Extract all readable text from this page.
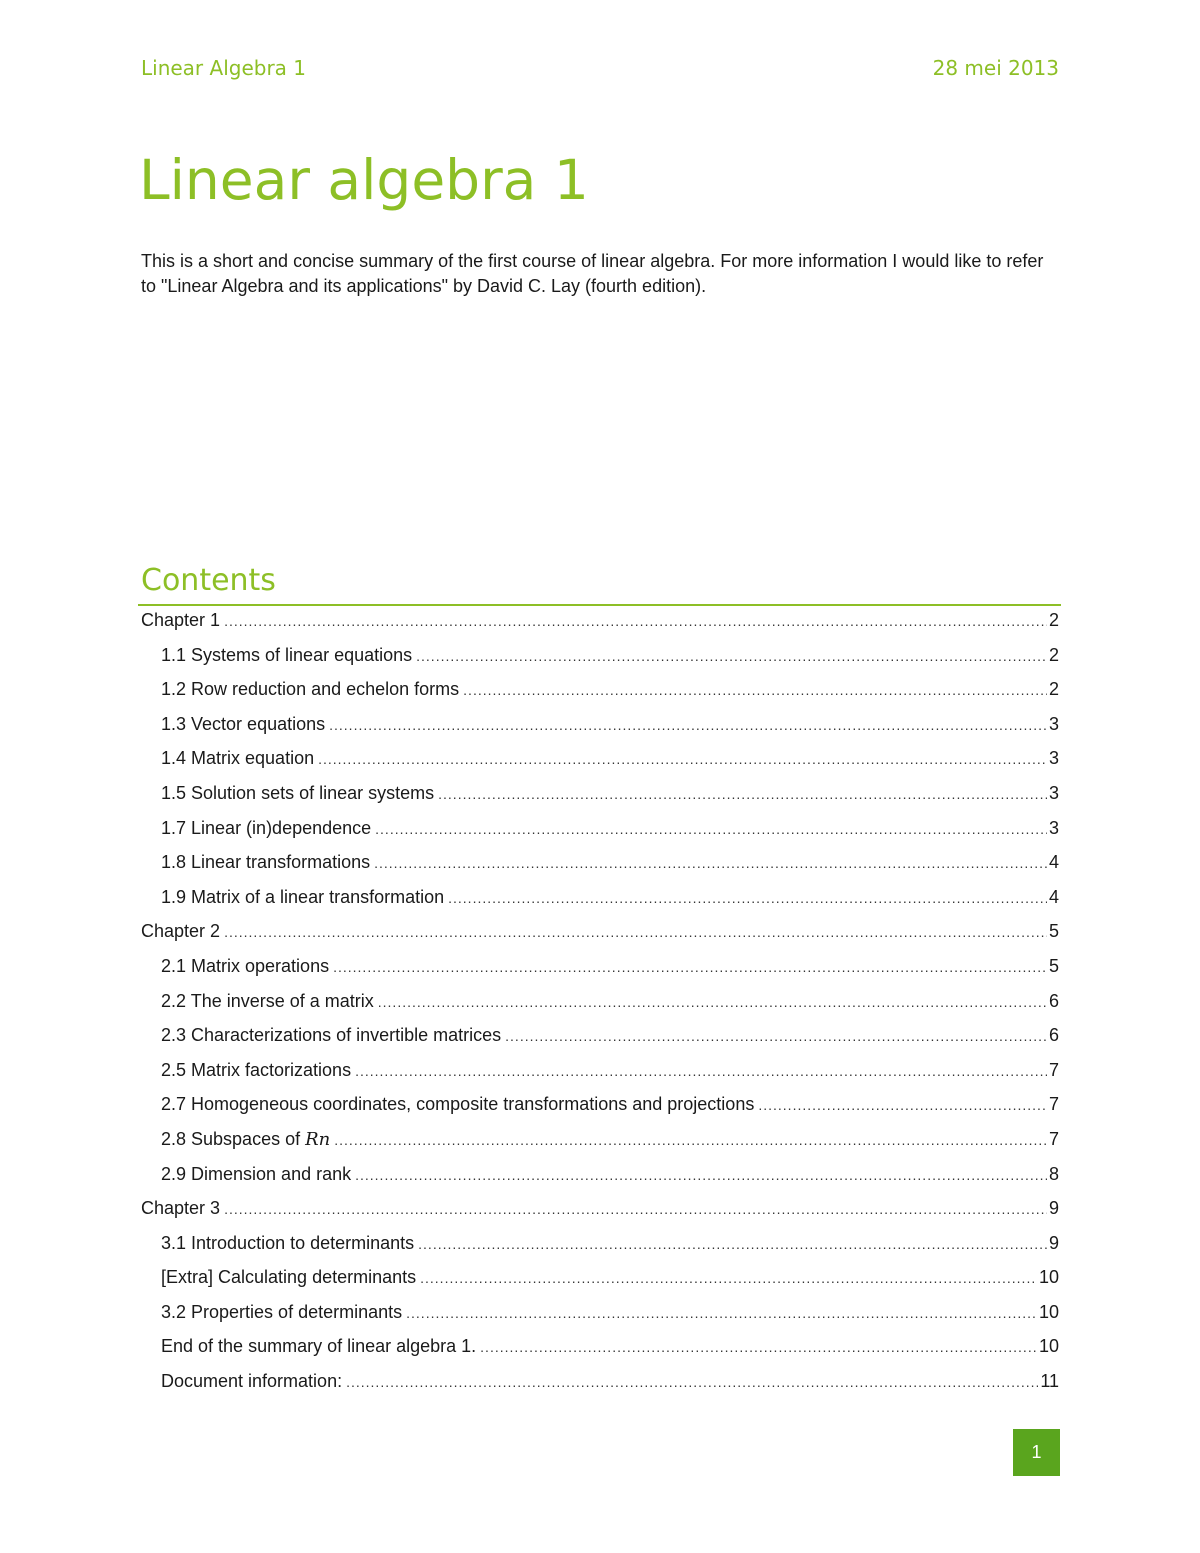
Linear Algebra 1	28 mei 2013
Linear algebra 1

This is a short and concise summary of the first course of linear algebra. For more information I would like to refer to "Linear Algebra and its applications" by David C. Lay (fourth edition).

Contents
Chapter 1 .....	2
1.1 Systems of linear equations .....	2
1.2 Row reduction and echelon forms .....	2
1.3 Vector equations .....	3
1.4 Matrix equation .....	3
1.5 Solution sets of linear systems .....	3
1.7 Linear (in)dependence .....	3
1.8 Linear transformations .....	4
1.9 Matrix of a linear transformation .....	4
Chapter 2 .....	5
2.1 Matrix operations .....	5
2.2 The inverse of a matrix .....	6
2.3 Characterizations of invertible matrices .....	6
2.5 Matrix factorizations .....	7
2.7 Homogeneous coordinates, composite transformations and projections .....	7
2.8 Subspaces of Rn .....	7
2.9 Dimension and rank .....	8
Chapter 3 .....	9
3.1 Introduction to determinants .....	9
[Extra] Calculating determinants .....	10
3.2 Properties of determinants .....	10
End of the summary of linear algebra 1. .....	10
Document information: .....	11
1
